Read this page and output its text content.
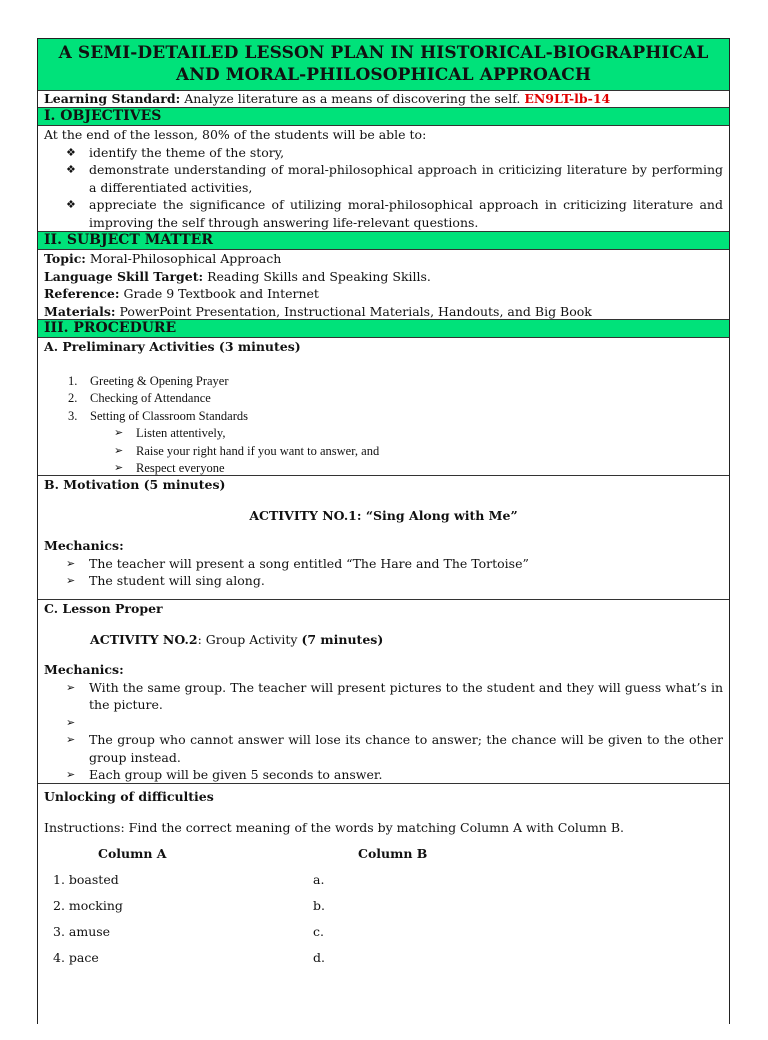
A SEMI-DETAILED LESSON PLAN IN HISTORICAL-BIOGRAPHICAL AND MORAL-PHILOSOPHICAL APPROACH
Learning Standard: Analyze literature as a means of discovering the self. EN9LT-lb-14
I. OBJECTIVES
At the end of the lesson, 80% of the students will be able to:
❖ identify the theme of the story,
❖ demonstrate understanding of moral-philosophical approach in criticizing literature by performing a differentiated activities,
❖ appreciate the significance of utilizing moral-philosophical approach in criticizing literature and improving the self through answering life-relevant questions.
II. SUBJECT MATTER
Topic: Moral-Philosophical Approach
Language Skill Target: Reading Skills and Speaking Skills.
Reference: Grade 9 Textbook and Internet
Materials: PowerPoint Presentation, Instructional Materials, Handouts, and Big Book
III. PROCEDURE
A. Preliminary Activities (3 minutes)
1. Greeting & Opening Prayer
2. Checking of Attendance
3. Setting of Classroom Standards
➢ Listen attentively,
➢ Raise your right hand if you want to answer, and
➢ Respect everyone
B. Motivation (5 minutes)
ACTIVITY NO.1: “Sing Along with Me”
Mechanics:
➢ The teacher will present a song entitled “The Hare and The Tortoise”
➢ The student will sing along.
C. Lesson Proper
ACTIVITY NO.2: Group Activity (7 minutes)
Mechanics:
➢ With the same group. The teacher will present pictures to the student and they will guess what’s in the picture.
➢
➢ The group who cannot answer will lose its chance to answer; the chance will be given to the other group instead.
➢ Each group will be given 5 seconds to answer.
Unlocking of difficulties
Instructions: Find the correct meaning of the words by matching Column A with Column B.
Column A	Column B
1. boasted	a.
2. mocking	b.
3. amuse	c.
4. pace	d.
